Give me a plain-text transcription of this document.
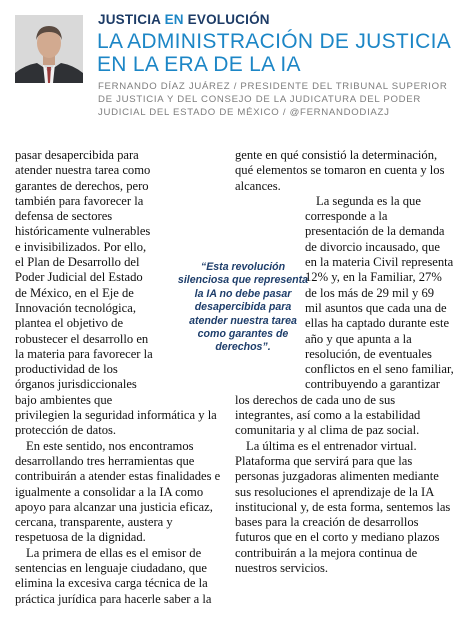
JUSTICIA EN EVOLUCIÓN
LA ADMINISTRACIÓN DE JUSTICIA EN LA ERA DE LA IA
FERNANDO DÍAZ JUÁREZ / PRESIDENTE DEL TRIBUNAL SUPERIOR DE JUSTICIA Y DEL CONSEJO DE LA JUDICATURA DEL PODER JUDICIAL DEL ESTADO DE MÉXICO / @FERNANDODIAZJ

pasar desapercibida para atender nuestra tarea como garantes de derechos, pero también para favorecer la defensa de sectores históricamente vulnerables e invisibilizados. Por ello, el Plan de Desarrollo del Poder Judicial del Estado de México, en el Eje de Innovación tecnológica, plantea el objetivo de robustecer el desarrollo en la materia para favorecer la productividad de los órganos jurisdiccionales bajo ambientes que privilegien la seguridad informática y la protección de datos.

En este sentido, nos encontramos desarrollando tres herramientas que contribuirán a atender estas finalidades e igualmente a consolidar a la IA como apoyo para alcanzar una justicia eficaz, cercana, transparente, austera y respetuosa de la dignidad.

La primera de ellas es el emisor de sentencias en lenguaje ciudadano, que elimina la excesiva carga técnica de la práctica jurídica para hacerle saber a la

gente en qué consistió la determinación, qué elementos se tomaron en cuenta y los alcances.

La segunda es la que corresponde a la presentación de la demanda de divorcio incausado, que en la materia Civil representa 12% y, en la Familiar, 27% de los más de 29 mil y 69 mil asuntos que cada una de ellas ha captado durante este año y que apunta a la resolución, de eventuales conflictos en el seno familiar, contribuyendo a garantizar los derechos de cada uno de sus integrantes, así como a la estabilidad comunitaria y al clima de paz social.

La última es el entrenador virtual. Plataforma que servirá para que las personas juzgadoras alimenten mediante sus resoluciones el aprendizaje de la IA institucional y, de esta forma, sentemos las bases para la creación de desarrollos futuros que en el corto y mediano plazos contribuirán a la mejora continua de nuestros servicios.

“Esta revolución silenciosa que representa la IA no debe pasar desapercibida para atender nuestra tarea como garantes de derechos”.
